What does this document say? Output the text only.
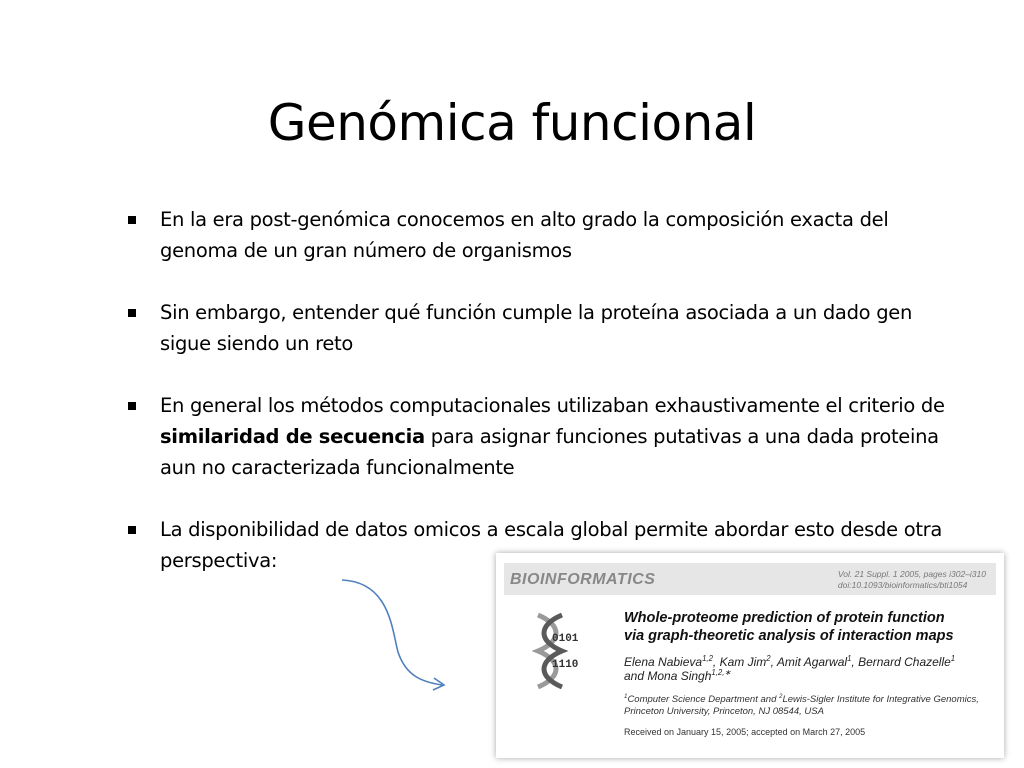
Genómica funcional
En la era post-genómica conocemos en alto grado la composición exacta del genoma de un gran número de organismos
Sin embargo, entender qué función cumple la proteína asociada a un dado gen sigue siendo un reto
En general los métodos computacionales utilizaban exhaustivamente el criterio de similaridad de secuencia para asignar funciones putativas a una dada proteina aun no caracterizada funcionalmente
La disponibilidad de datos omicos a escala global permite abordar esto desde otra perspectiva:
BIOINFORMATICS	Vol. 21 Suppl. 1 2005, pages i302–i310
doi:10.1093/bioinformatics/bti1054
0101
1110
Whole-proteome prediction of protein function
via graph-theoretic analysis of interaction maps
Elena Nabieva$^{1,2}$, Kam Jim$^2$, Amit Agarwal$^1$, Bernard Chazelle$^1$
and Mona Singh$^{1,2,∗}$
$^1$Computer Science Department and $^2$Lewis-Sigler Institute for Integrative Genomics,
Princeton University, Princeton, NJ 08544, USA
Received on January 15, 2005; accepted on March 27, 2005
